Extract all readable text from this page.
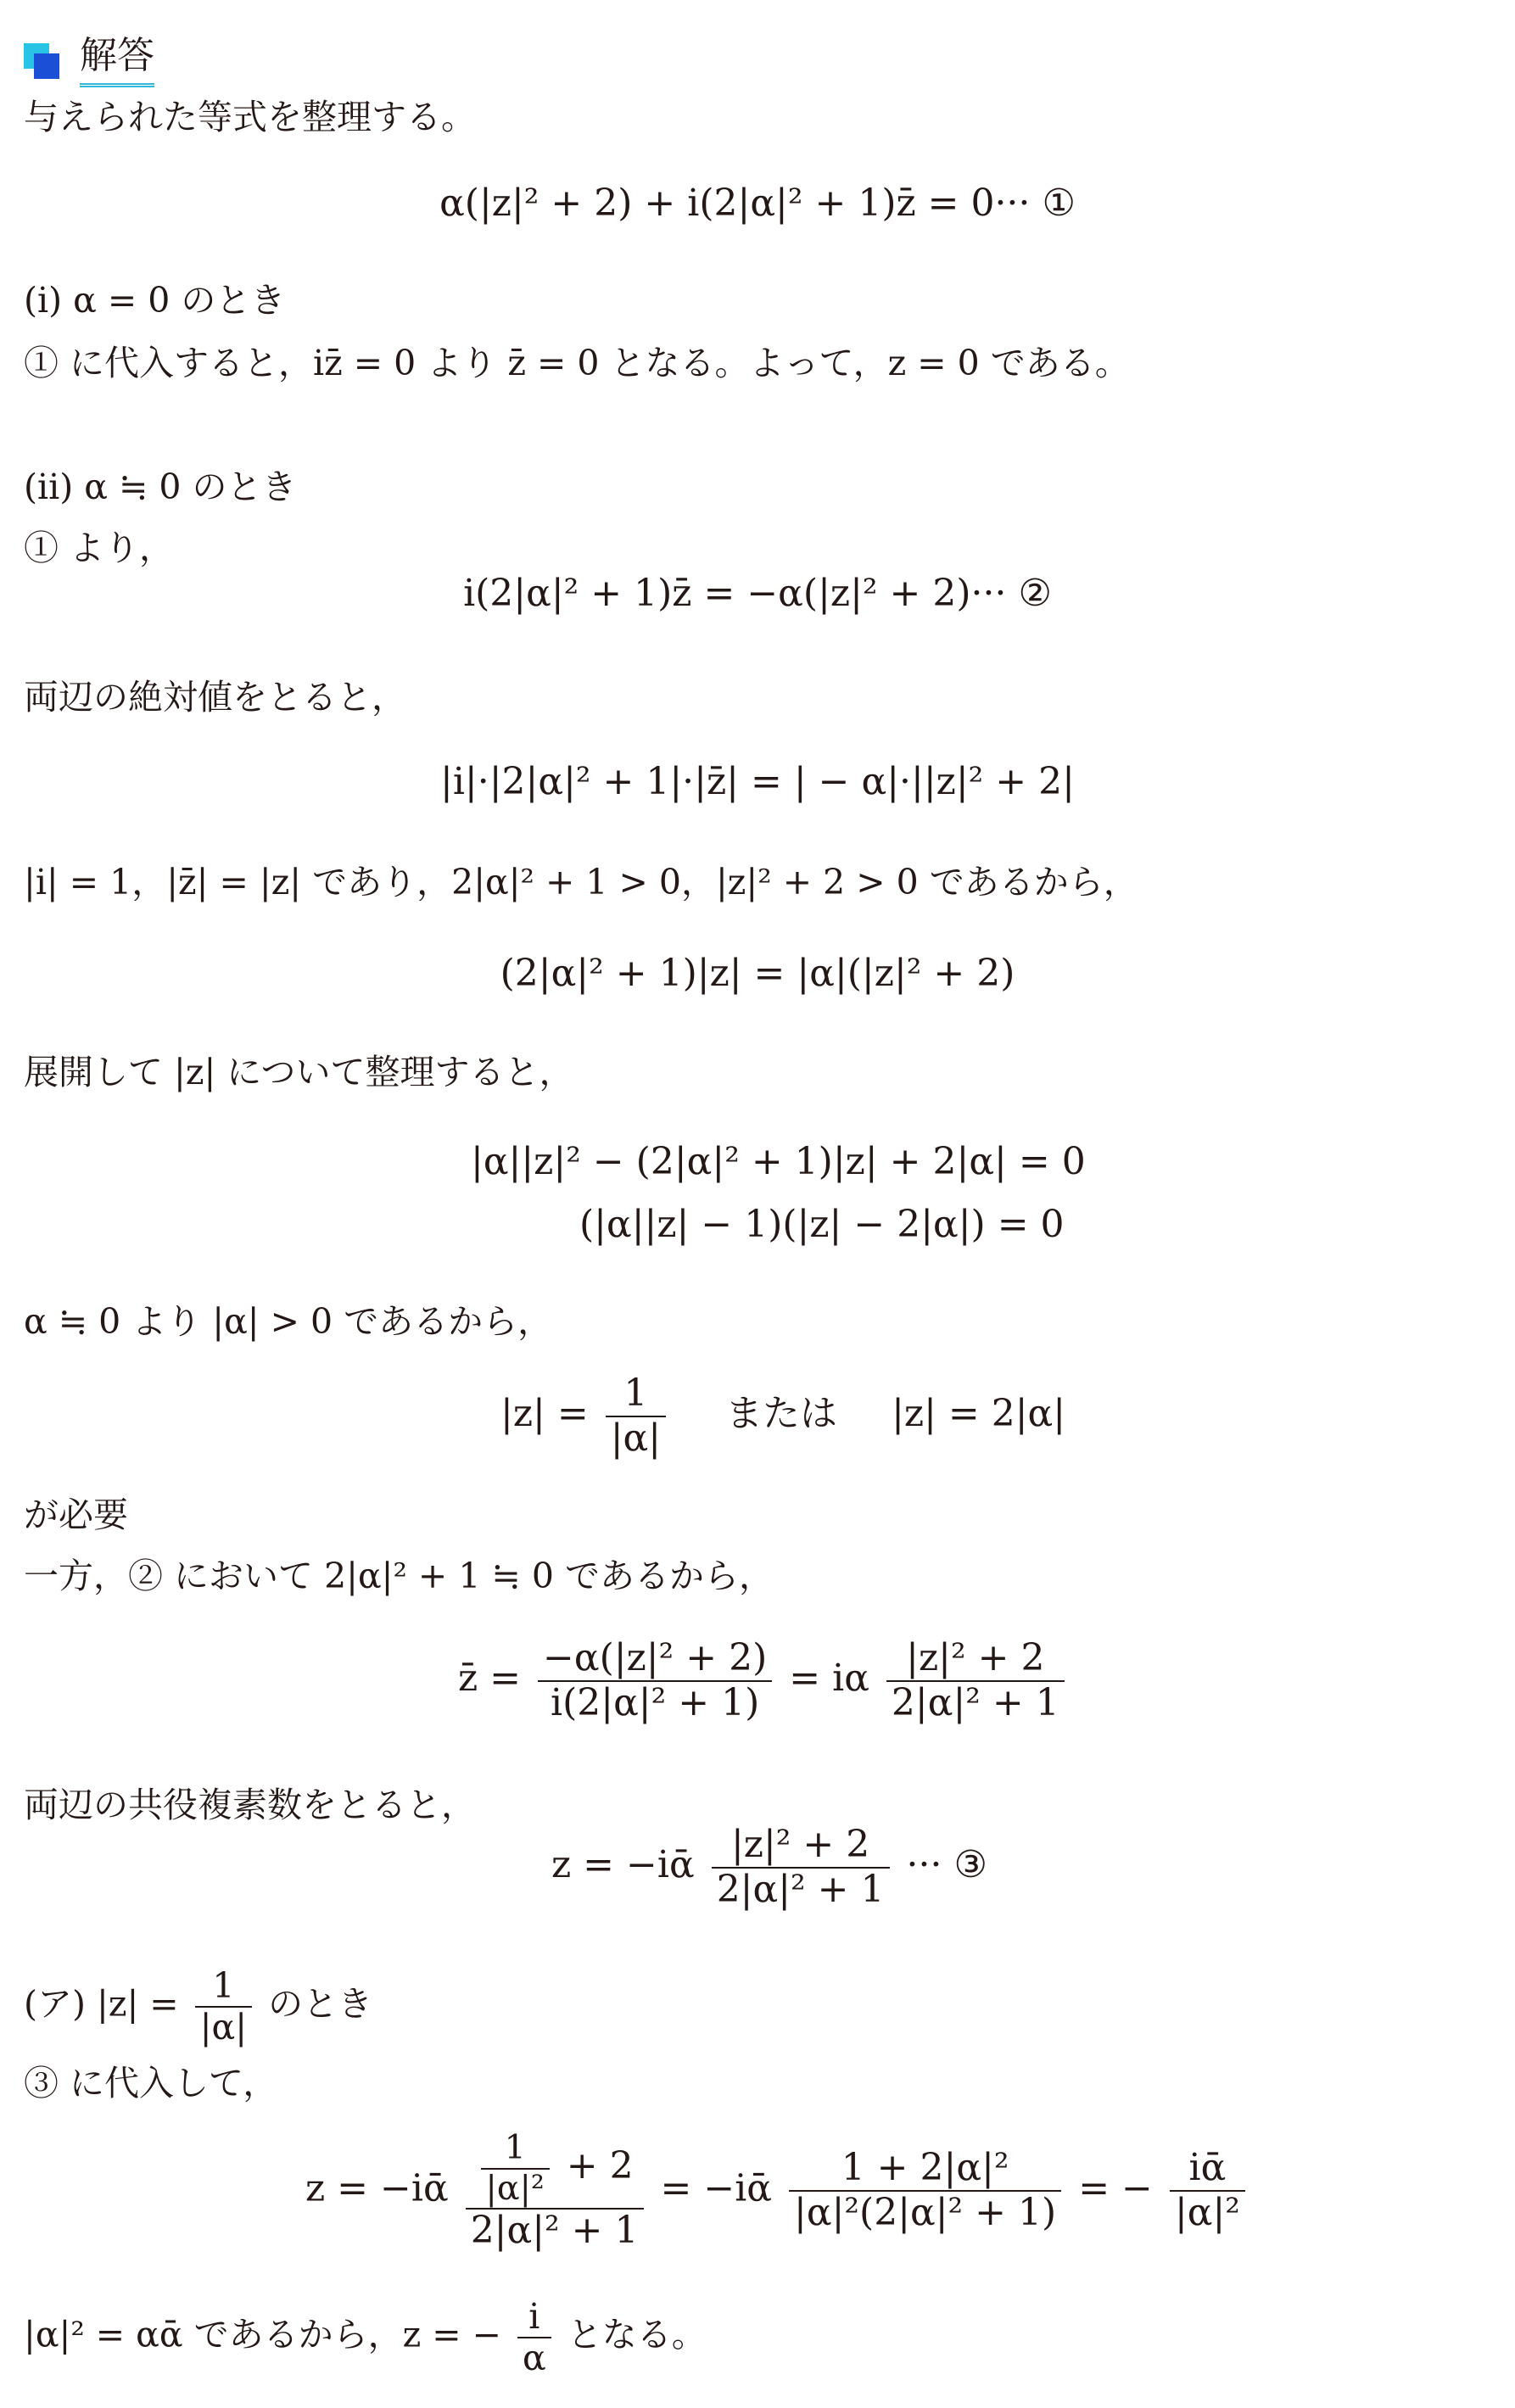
解答
与えられた等式を整理する。
α(|z|² + 2) + i(2|α|² + 1)z̄ = 0··· ①
(i) α = 0 のとき
① に代入すると，iz̄ = 0 より z̄ = 0 となる。よって，z = 0 である。
(ii) α ≒ 0 のとき
① より，
i(2|α|² + 1)z̄ = −α(|z|² + 2)··· ②
両辺の絶対値をとると，
|i|·|2|α|² + 1|·|z̄| = | − α|·||z|² + 2|
|i| = 1，|z̄| = |z| であり，2|α|² + 1 > 0，|z|² + 2 > 0 であるから，
(2|α|² + 1)|z| = |α|(|z|² + 2)
展開して |z| について整理すると，
|α||z|² − (2|α|² + 1)|z| + 2|α| = 0
(|α||z| − 1)(|z| − 2|α|) = 0
α ≒ 0 より |α| > 0 であるから，
$|z| = \frac{1}{|\alpha|}$ または |z| = 2|α|
が必要
一方，② において 2|α|² + 1 ≒ 0 であるから，
z̄ = $\frac{\text{−α(|z|² + 2)}}{\text{i(2|α|² + 1)}} = i\alpha \frac{\text{|z|² + 2}}{\text{2|α|² + 1}}$
両辺の共役複素数をとると，
z = −iᾱ $\frac{\text{|z|² + 2}}{\text{2|α|² + 1}}$ ··· ③
(ア) $|z| = \frac{1}{|\alpha|}$ のとき
③ に代入して，
z = −iᾱ $\frac{\frac{1}{\text{|α|²}} + 2}{\text{2|α|² + 1}}$ = −iᾱ $\frac{\text{1 + 2|α|²}}{\text{|α|²(2|α|² + 1)}}$ = − $\frac{\text{iᾱ}}{\text{|α|²}}$
|α|² = αᾱ であるから，z = − $\frac{i}{\alpha}$ となる。
